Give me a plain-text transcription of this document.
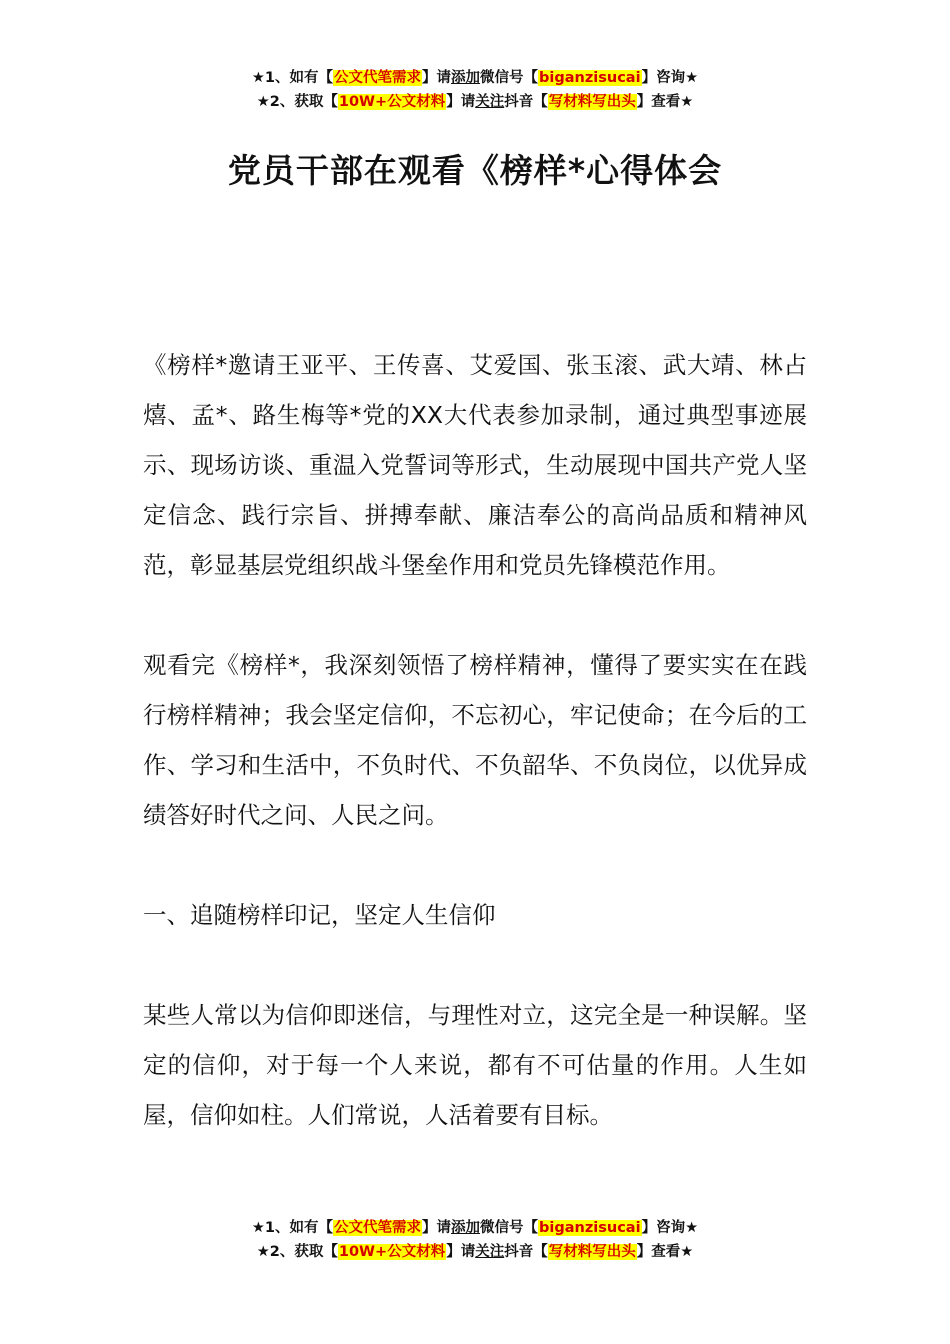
★1、如有【公文代笔需求】请添加微信号【biganzisucai】咨询★
★2、获取【10W+公文材料】请关注抖音【写材料写出头】查看★
党员干部在观看《榜样*心得体会

《榜样*邀请王亚平、王传喜、艾爱国、张玉滚、武大靖、林占熺、孟*、路生梅等*党的XX大代表参加录制，通过典型事迹展示、现场访谈、重温入党誓词等形式，生动展现中国共产党人坚定信念、践行宗旨、拼搏奉献、廉洁奉公的高尚品质和精神风范，彰显基层党组织战斗堡垒作用和党员先锋模范作用。

观看完《榜样*，我深刻领悟了榜样精神，懂得了要实实在在践行榜样精神；我会坚定信仰，不忘初心，牢记使命；在今后的工作、学习和生活中，不负时代、不负韶华、不负岗位，以优异成绩答好时代之问、人民之问。

一、追随榜样印记，坚定人生信仰

某些人常以为信仰即迷信，与理性对立，这完全是一种误解。坚定的信仰，对于每一个人来说，都有不可估量的作用。人生如屋，信仰如柱。人们常说，人活着要有目标。

★1、如有【公文代笔需求】请添加微信号【biganzisucai】咨询★
★2、获取【10W+公文材料】请关注抖音【写材料写出头】查看★
